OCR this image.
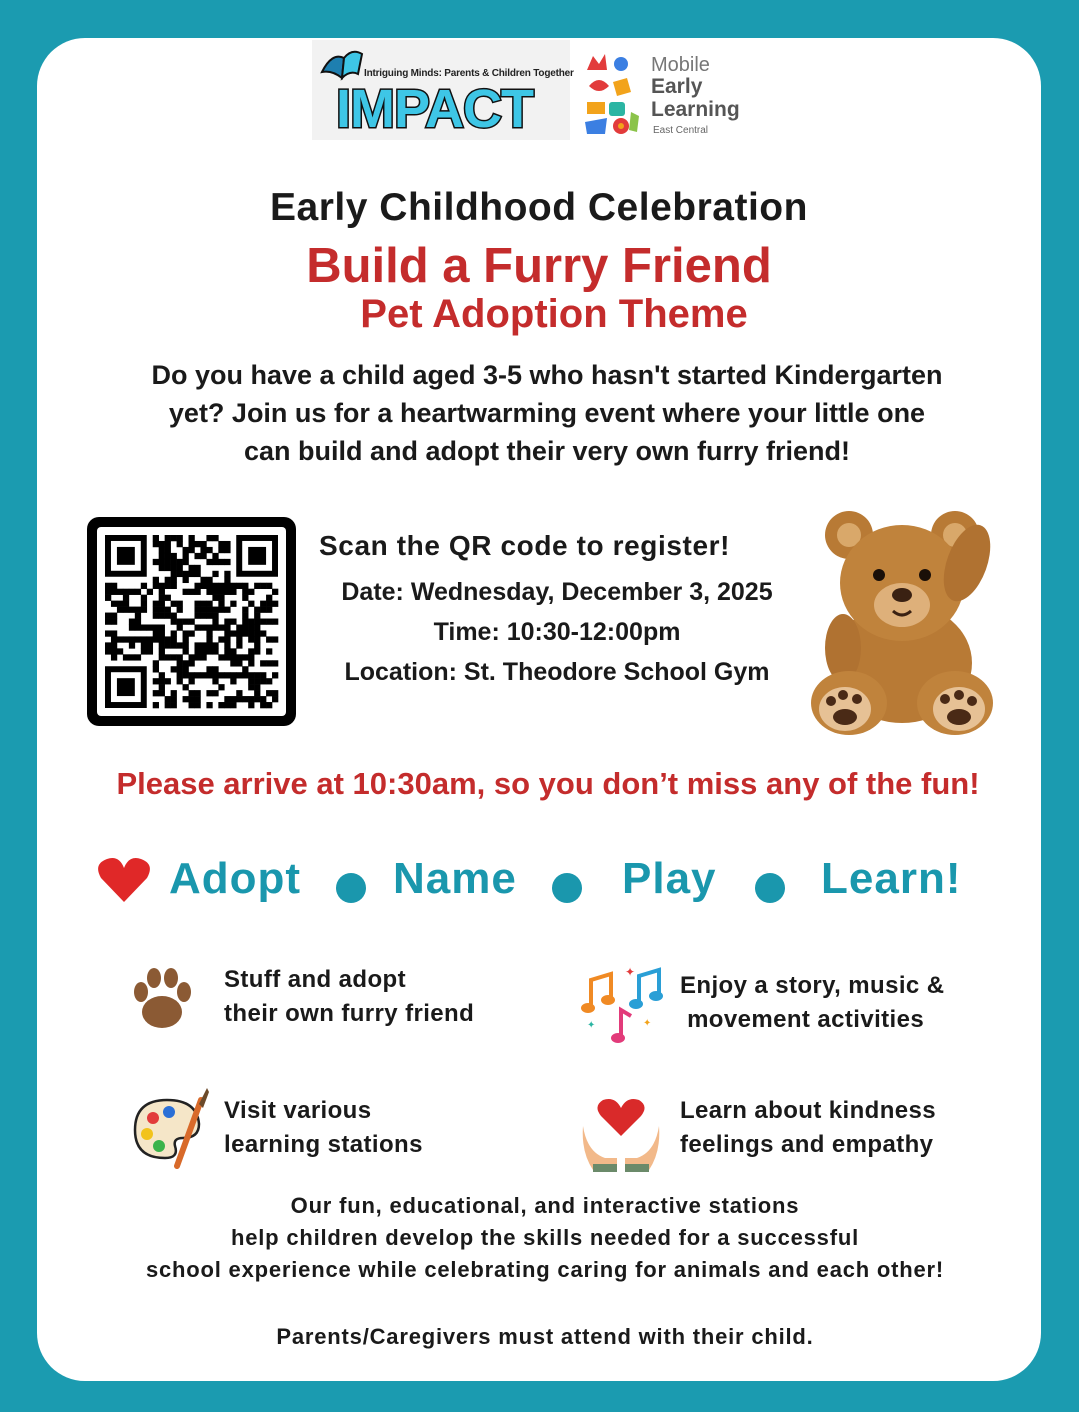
Intriguing Minds: Parents & Children Together
IMPACT
Mobile
Early
Learning
East Central
Early Childhood Celebration
Build a Furry Friend
Pet Adoption Theme
Do you have a child aged 3-5 who hasn't started Kindergarten
yet? Join us for a heartwarming event where your little one
can build and adopt their very own furry friend!
Scan the QR code to register!
Date: Wednesday, December 3, 2025
Time: 10:30-12:00pm
Location: St. Theodore School Gym
Please arrive at 10:30am, so you don’t miss any of the fun!
Adopt Name Play Learn!
Stuff and adopt
their own furry friend
✦
✦	✦
Enjoy a story, music &
movement activities
Visit various
learning stations
Learn about kindness
feelings and empathy
Our fun, educational, and interactive stations
help children develop the skills needed for a successful
school experience while celebrating caring for animals and each other!
Parents/Caregivers must attend with their child.
